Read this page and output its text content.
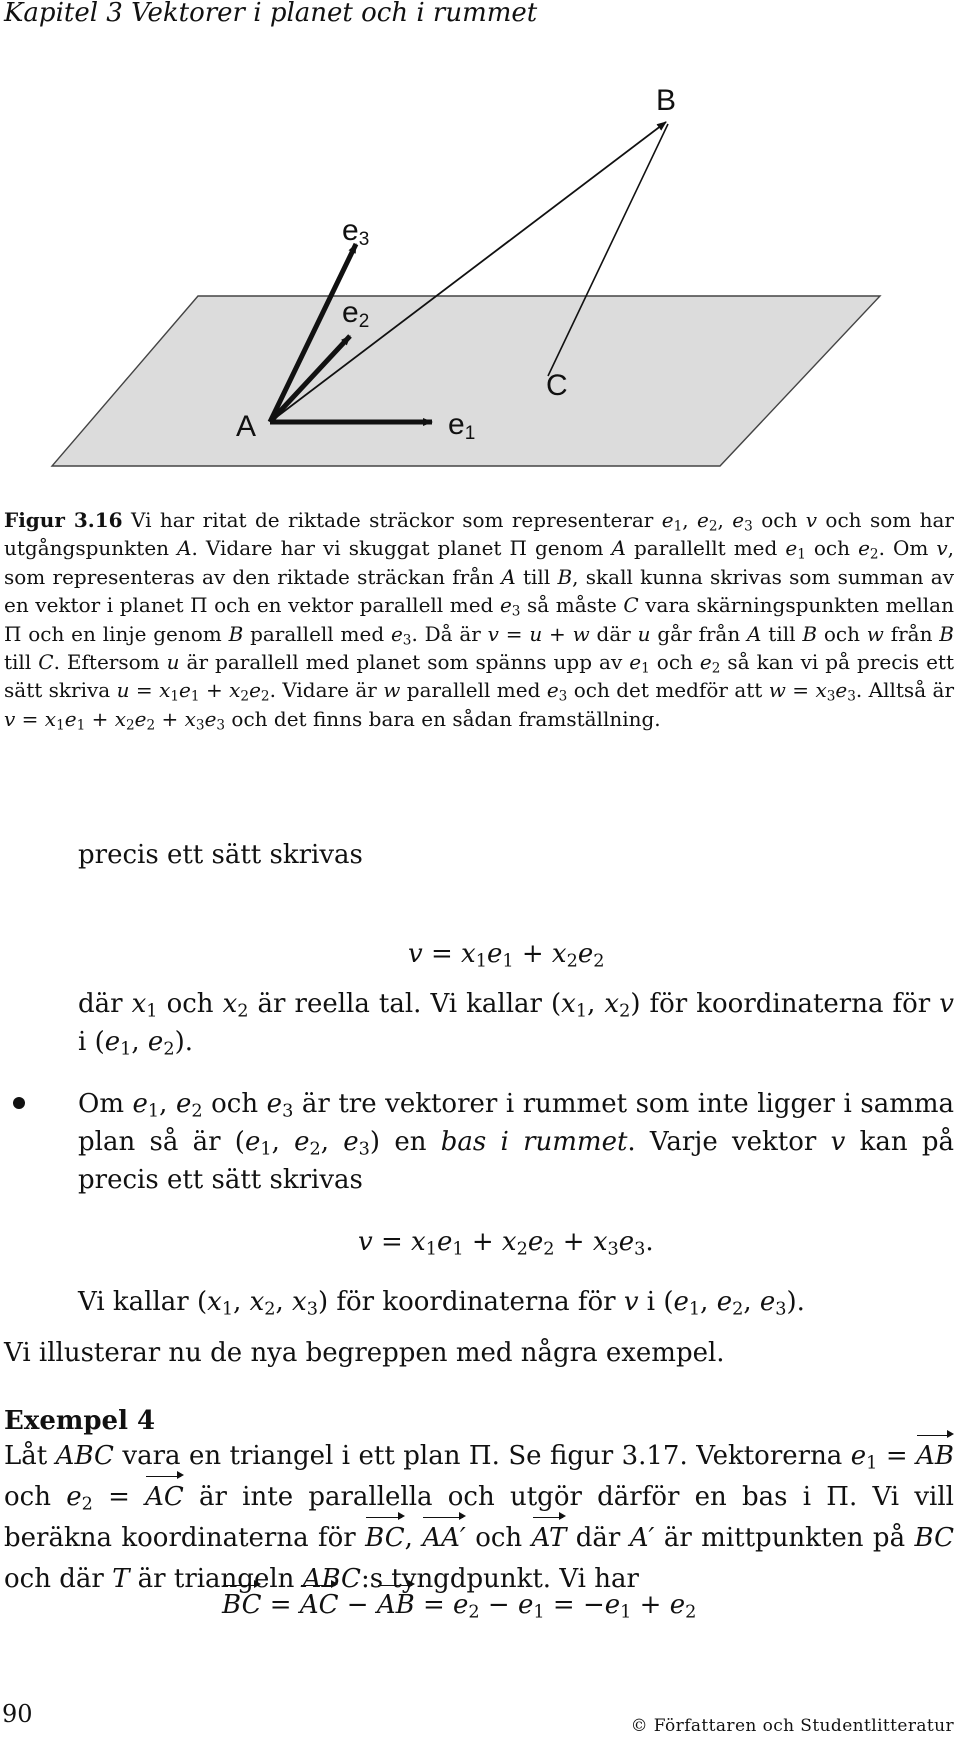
Kapitel 3 Vektorer i planet och i rummet
A
B
C
e1
e2
e3
Figur 3.16 Vi har ritat de riktade sträckor som representerar $e_1$, $e_2$, $e_3$ och v och som har utgångspunkten A. Vidare har vi skuggat planet Π genom A parallellt med $e_1$ och $e_2$. Om v, som representeras av den riktade sträckan från A till B, skall kunna skrivas som summan av en vektor i planet Π och en vektor parallell med $e_3$ så måste C vara skärningspunkten mellan Π och en linje genom B parallell med $e_3$. Då är v = u + w där u går från A till B och w från B till C. Eftersom u är parallell med planet som spänns upp av $e_1$ och $e_2$ så kan vi på precis ett sätt skriva $u = x_1e_1 + x_2e_2$. Vidare är w parallell med $e_3$ och det medför att $w = x_3e_3$. Alltså är $v = x_1e_1 + x_2e_2 + x_3e_3$ och det finns bara en sådan framställning.
precis ett sätt skrivas
$v = x_1e_1 + x_2e_2$
där $x_1$ och $x_2$ är reella tal. Vi kallar ($x_1$, $x_2$) för koordinaterna för v i ($e_1$, $e_2$).
Om $e_1$, $e_2$ och $e_3$ är tre vektorer i rummet som inte ligger i samma plan så är ($e_1$, $e_2$, $e_3$) en bas i rummet. Varje vektor v kan på precis ett sätt skrivas
$v = x_1e_1 + x_2e_2 + x_3e_3$.
Vi kallar ($x_1$, $x_2$, $x_3$) för koordinaterna för v i ($e_1$, $e_2$, $e_3$).
Vi illusterar nu de nya begreppen med några exempel.
Exempel 4
Låt ABC vara en triangel i ett plan Π. Se figur 3.17. Vektorerna $e_1$ = AB och $e_2$ = AC är inte parallella och utgör därför en bas i Π. Vi vill beräkna koordinaterna för BC, AA′ och AT där A′ är mittpunkten på BC och där T är triangeln ABC:s tyngdpunkt. Vi har
BC = AC − AB = $e_2 - e_1 = -e_1 + e_2$
90	© Författaren och Studentlitteratur
